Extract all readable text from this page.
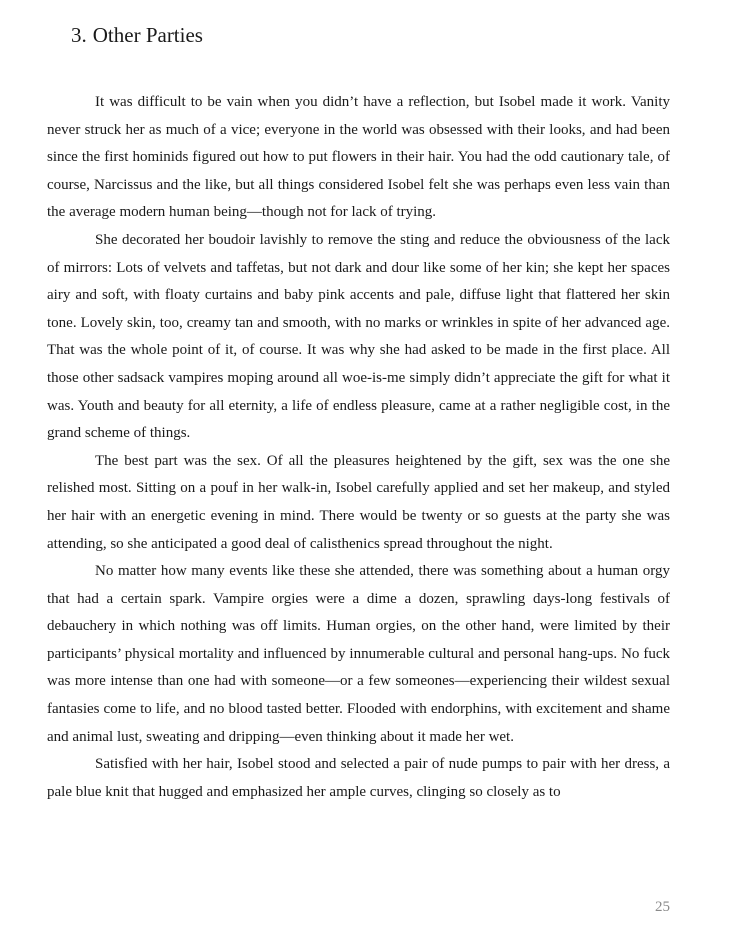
3. Other Parties

It was difficult to be vain when you didn’t have a reflection, but Isobel made it work. Vanity never struck her as much of a vice; everyone in the world was obsessed with their looks, and had been since the first hominids figured out how to put flowers in their hair. You had the odd cautionary tale, of course, Narcissus and the like, but all things considered Isobel felt she was perhaps even less vain than the average modern human being—though not for lack of trying.

She decorated her boudoir lavishly to remove the sting and reduce the obviousness of the lack of mirrors: Lots of velvets and taffetas, but not dark and dour like some of her kin; she kept her spaces airy and soft, with floaty curtains and baby pink accents and pale, diffuse light that flattered her skin tone. Lovely skin, too, creamy tan and smooth, with no marks or wrinkles in spite of her advanced age. That was the whole point of it, of course. It was why she had asked to be made in the first place. All those other sadsack vampires moping around all woe-is-me simply didn’t appreciate the gift for what it was. Youth and beauty for all eternity, a life of endless pleasure, came at a rather negligible cost, in the grand scheme of things.

The best part was the sex. Of all the pleasures heightened by the gift, sex was the one she relished most. Sitting on a pouf in her walk-in, Isobel carefully applied and set her makeup, and styled her hair with an energetic evening in mind. There would be twenty or so guests at the party she was attending, so she anticipated a good deal of calisthenics spread throughout the night.

No matter how many events like these she attended, there was something about a human orgy that had a certain spark. Vampire orgies were a dime a dozen, sprawling days-long festivals of debauchery in which nothing was off limits. Human orgies, on the other hand, were limited by their participants’ physical mortality and influenced by innumerable cultural and personal hang-ups. No fuck was more intense than one had with someone—or a few someones—experiencing their wildest sexual fantasies come to life, and no blood tasted better. Flooded with endorphins, with excitement and shame and animal lust, sweating and dripping—even thinking about it made her wet.

Satisfied with her hair, Isobel stood and selected a pair of nude pumps to pair with her dress, a pale blue knit that hugged and emphasized her ample curves, clinging so closely as to

25
